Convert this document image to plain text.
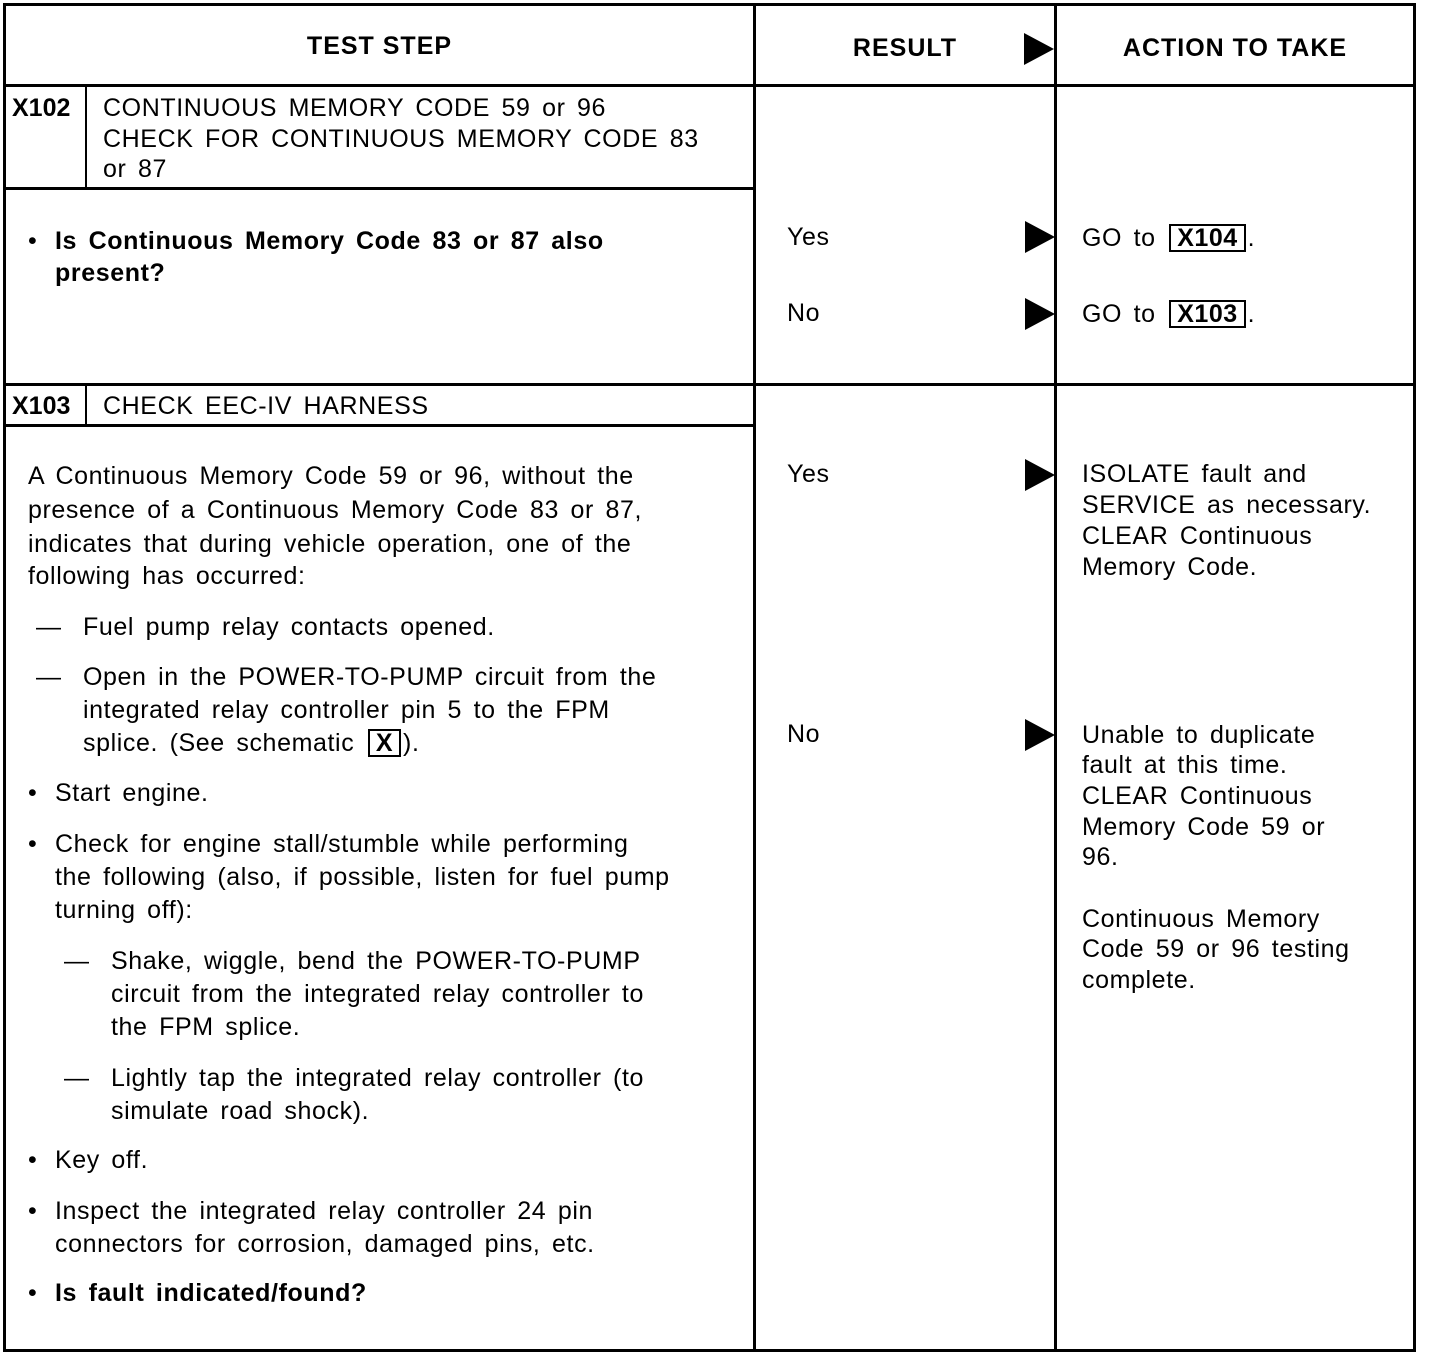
TEST STEP	RESULT	ACTION TO TAKE
X102 CONTINUOUS MEMORY CODE 59 or 96
CHECK FOR CONTINUOUS MEMORY CODE 83
or 87
• Is Continuous Memory Code 83 or 87 also
present?
Yes	GO to X104 .
No	GO to X103 .
X103 CHECK EEC-IV HARNESS
A Continuous Memory Code 59 or 96, without the
presence of a Continuous Memory Code 83 or 87,
indicates that during vehicle operation, one of the
following has occurred:
— Fuel pump relay contacts opened.
— Open in the POWER-TO-PUMP circuit from the
integrated relay controller pin 5 to the FPM
splice. (See schematic X ).
• Start engine.
• Check for engine stall/stumble while performing
the following (also, if possible, listen for fuel pump
turning off):
— Shake, wiggle, bend the POWER-TO-PUMP
circuit from the integrated relay controller to
the FPM splice.
— Lightly tap the integrated relay controller (to
simulate road shock).
• Key off.
• Inspect the integrated relay controller 24 pin
connectors for corrosion, damaged pins, etc.
• Is fault indicated/found?
Yes	ISOLATE fault and
SERVICE as necessary.
CLEAR Continuous
Memory Code.
No	Unable to duplicate
fault at this time.
CLEAR Continuous
Memory Code 59 or
96.
Continuous Memory
Code 59 or 96 testing
complete.
